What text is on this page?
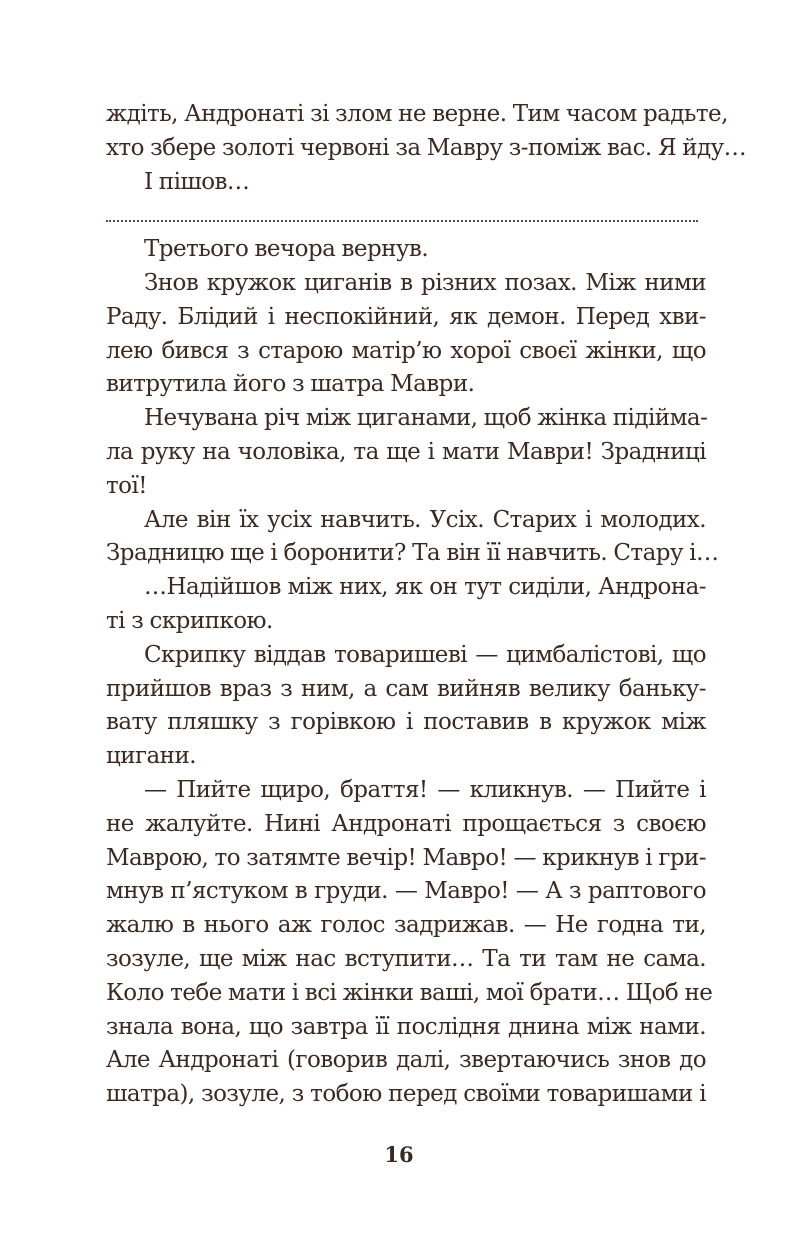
ждіть, Андронаті зі злом не верне. Тим часом радьте,
хто збере золоті червоні за Мавру з-поміж вас. Я йду…
І пішов…
Третього вечора вернув.
Знов кружок циганів в різних позах. Між ними
Раду. Блідий і неспокійний, як демон. Перед хви-
лею бився з старою матір’ю хорої своєї жінки, що
витрутила його з шатра Маври.
Нечувана річ між циганами, щоб жінка підійма-
ла руку на чоловіка, та ще і мати Маври! Зрадниці
тої!
Але він їх усіх навчить. Усіх. Старих і молодих.
Зрадницю ще і боронити? Та він її навчить. Стару і…
…Надійшов між них, як он тут сиділи, Андрона-
ті з скрипкою.
Скрипку віддав товаришеві — цимбалістові, що
прийшов враз з ним, а сам вийняв велику баньку-
вату пляшку з горівкою і поставив в кружок між
цигани.
— Пийте щиро, браття! — кликнув. — Пийте і
не жалуйте. Нині Андронаті прощається з своєю
Маврою, то затямте вечір! Мавро! — крикнув і гри-
мнув п’ястуком в груди. — Мавро! — А з раптового
жалю в нього аж голос задрижав. — Не годна ти,
зозуле, ще між нас вступити… Та ти там не сама.
Коло тебе мати і всі жінки ваші, мої брати… Щоб не
знала вона, що завтра її послідня днина між нами.
Але Андронаті (говорив далі, звертаючись знов до
шатра), зозуле, з тобою перед своїми товаришами і
16
